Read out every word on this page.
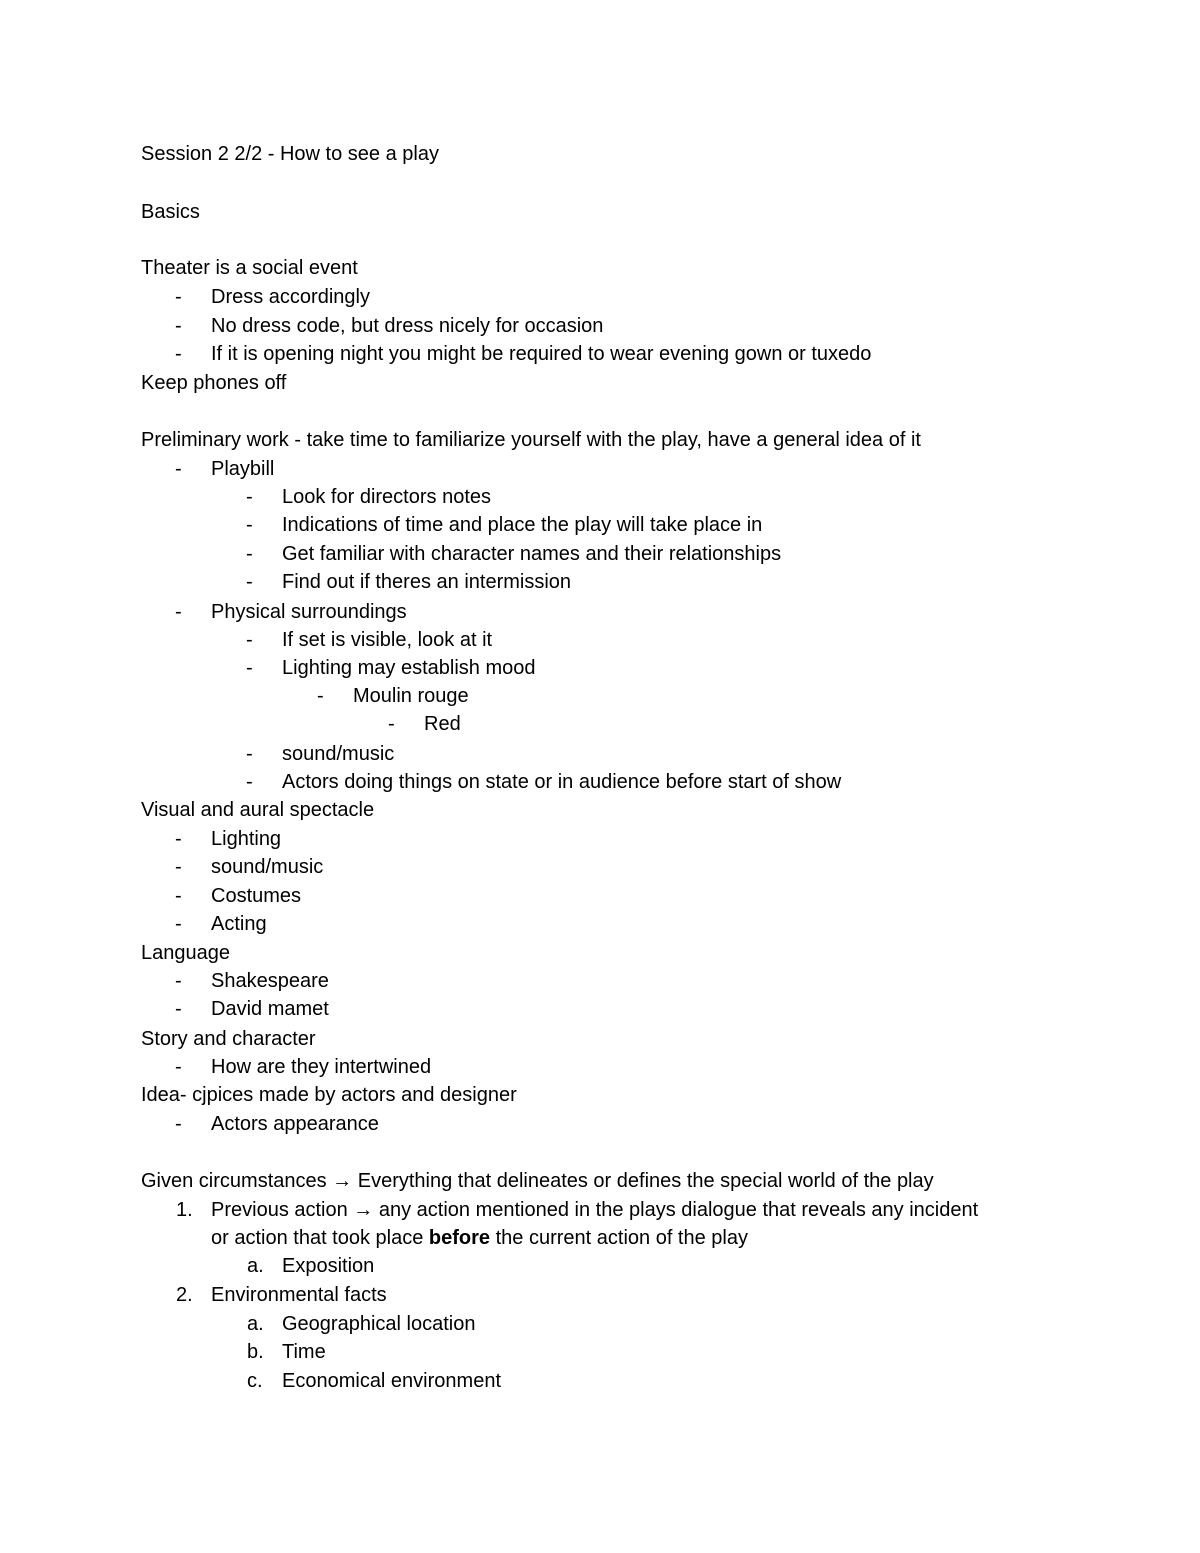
Session 2 2/2 - How to see a play
Basics
Theater is a social event
- Dress accordingly
- No dress code, but dress nicely for occasion
- If it is opening night you might be required to wear evening gown or tuxedo
Keep phones off
Preliminary work - take time to familiarize yourself with the play, have a general idea of it
- Playbill
- Look for directors notes
- Indications of time and place the play will take place in
- Get familiar with character names and their relationships
- Find out if theres an intermission
- Physical surroundings
- If set is visible, look at it
- Lighting may establish mood
- Moulin rouge
- Red
- sound/music
- Actors doing things on state or in audience before start of show
Visual and aural spectacle
- Lighting
- sound/music
- Costumes
- Acting
Language
- Shakespeare
- David mamet
Story and character
- How are they intertwined
Idea- cjpices made by actors and designer
- Actors appearance
Given circumstances → Everything that delineates or defines the special world of the play
1. Previous action → any action mentioned in the plays dialogue that reveals any incident
or action that took place before the current action of the play
a. Exposition
2. Environmental facts
a. Geographical location
b. Time
c. Economical environment
